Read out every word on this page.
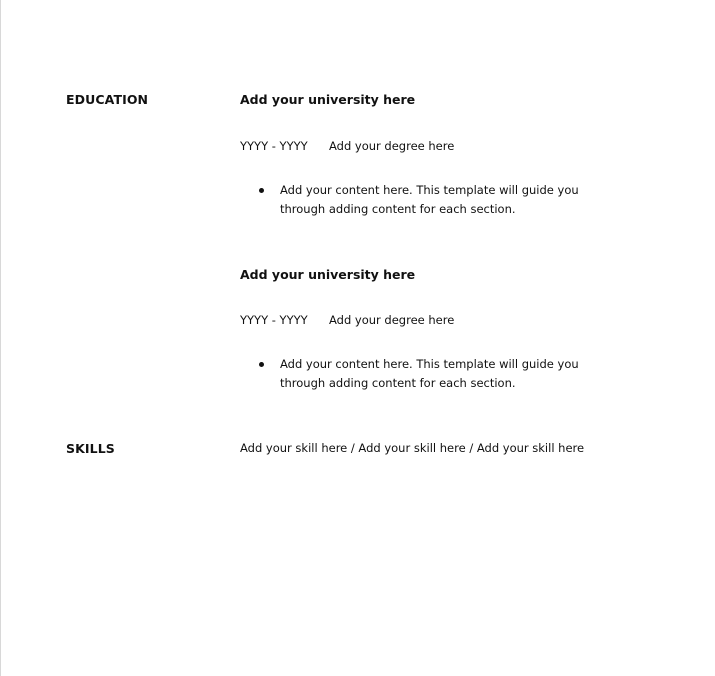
EDUCATION	Add your university here
YYYY - YYYY Add your degree here
Add your content here. This template will guide you through adding content for each section.
Add your university here
YYYY - YYYY Add your degree here
Add your content here. This template will guide you through adding content for each section.
SKILLS	Add your skill here / Add your skill here / Add your skill here
